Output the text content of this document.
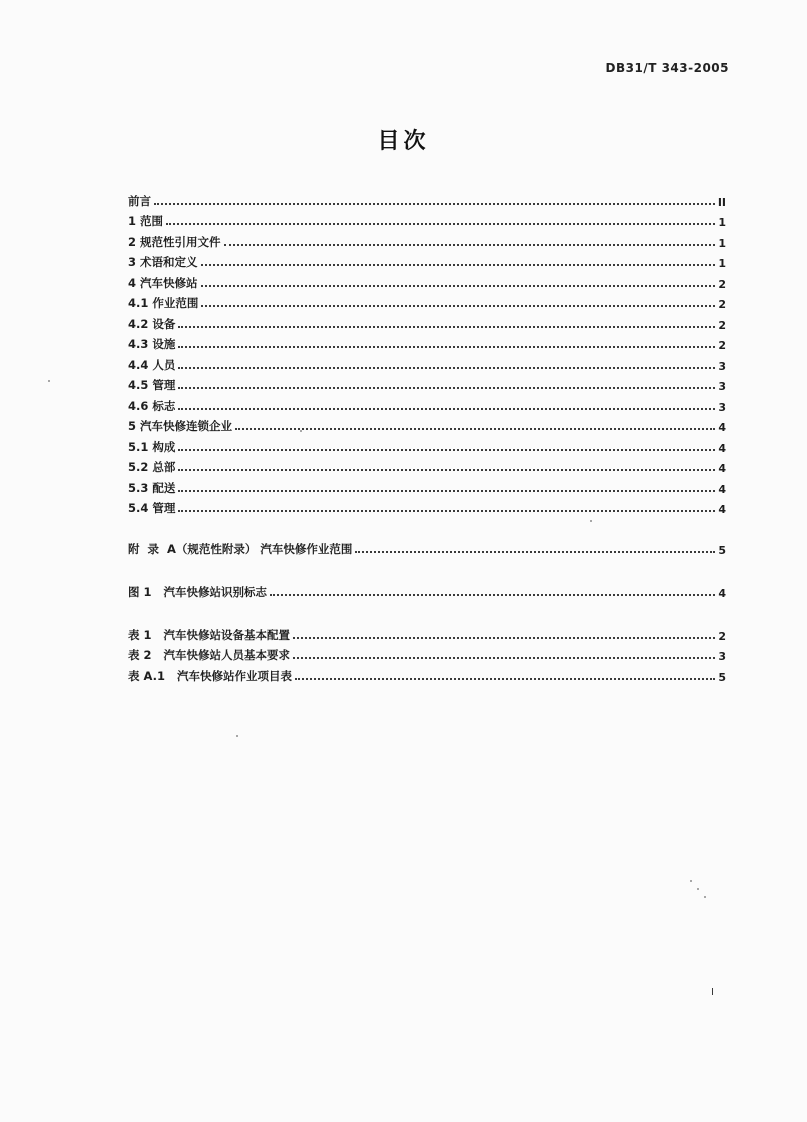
DB31/T 343-2005
目次
前言	II
1 范围	1
2 规范性引用文件	1
3 术语和定义	1
4 汽车快修站	2
4.1 作业范围	2
4.2 设备	2
4.3 设施	2
4.4 人员	3
4.5 管理	3
4.6 标志	3
5 汽车快修连锁企业	4
5.1 构成	4
5.2 总部	4
5.3 配送	4
5.4 管理	4
附  录  A（规范性附录） 汽车快修作业范围	5
图 1   汽车快修站识别标志	4
表 1   汽车快修站设备基本配置	2
表 2   汽车快修站人员基本要求	3
表 A.1   汽车快修站作业项目表	5
I
